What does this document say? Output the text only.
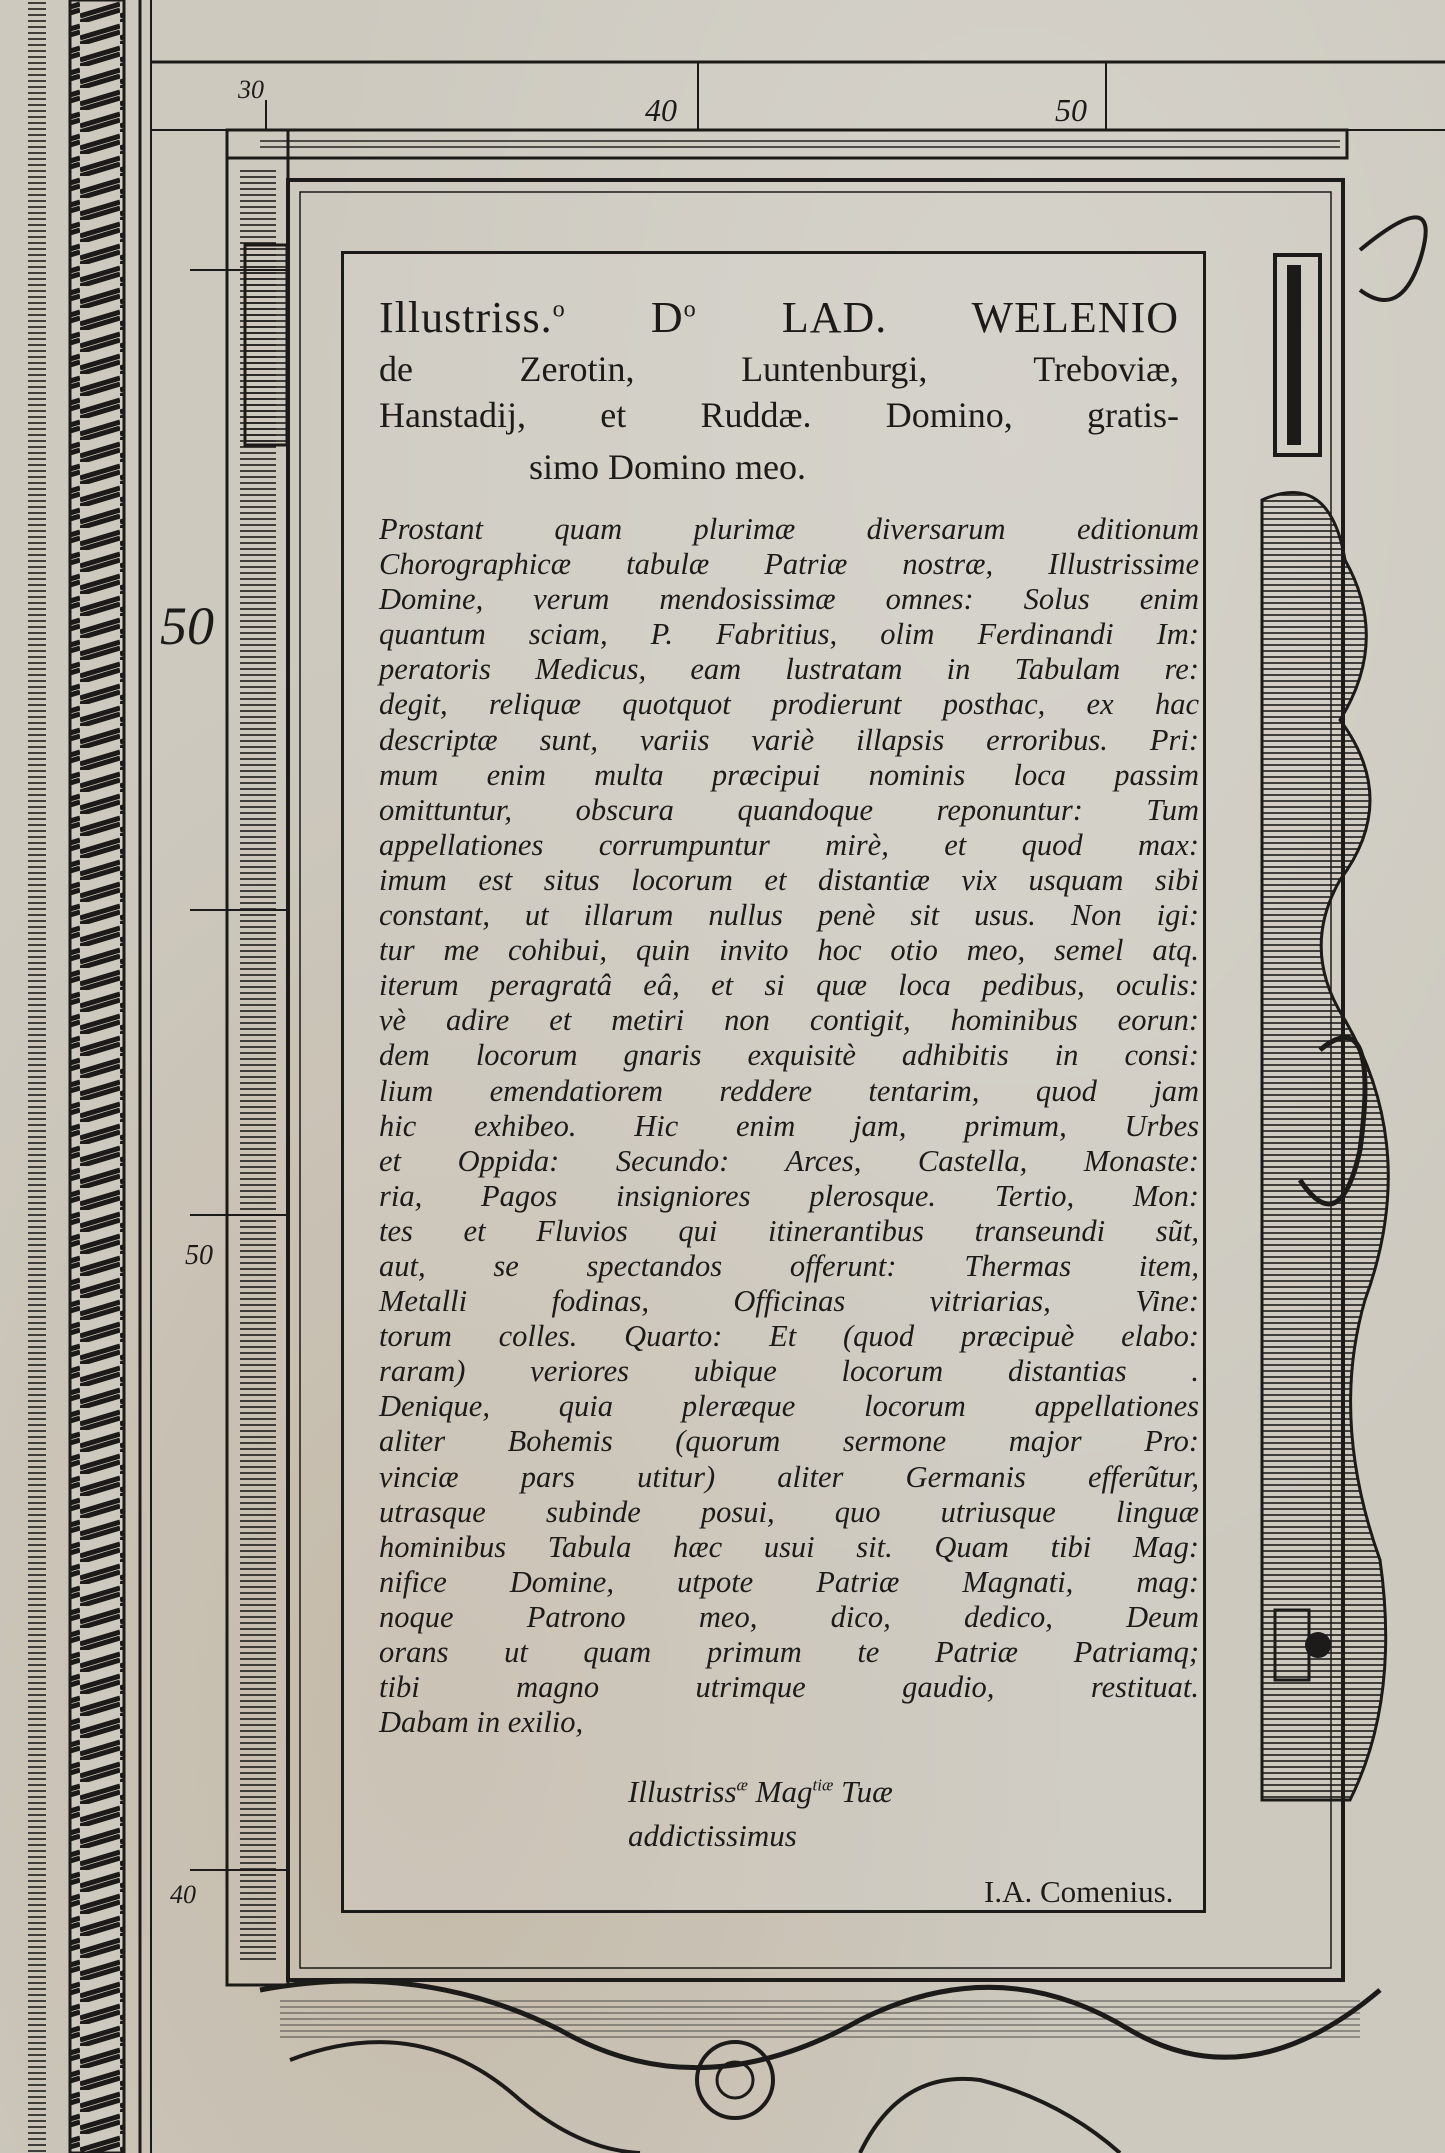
30
40	50
50
50
40
Illustriss.$^o$ $D^o$ LAD. WELENIO
de Zerotin, Luntenburgi, Treboviæ,
Hanstadij, et Ruddæ. Domino, gratis-
simo Domino meo.
Prostant quam plurimæ diversarum editionum
Chorographicæ tabulæ Patriæ nostræ, Illustrissime
Domine, verum mendosissimæ omnes: Solus enim
quantum sciam, P. Fabritius, olim Ferdinandi Im:
peratoris Medicus, eam lustratam in Tabulam re:
degit, reliquæ quotquot prodierunt posthac, ex hac
descriptæ sunt, variis variè illapsis erroribus. Pri:
mum enim multa præcipui nominis loca passim
omittuntur, obscura quandoque reponuntur: Tum
appellationes corrumpuntur mirè, et quod max:
imum est situs locorum et distantiæ vix usquam sibi
constant, ut illarum nullus penè sit usus. Non igi:
tur me cohibui, quin invito hoc otio meo, semel atq.
iterum peragratâ eâ, et si quæ loca pedibus, oculis:
vè adire et metiri non contigit, hominibus eorun:
dem locorum gnaris exquisitè adhibitis in consi:
lium emendatiorem reddere tentarim, quod jam
hic exhibeo. Hic enim jam, primum, Urbes
et Oppida: Secundo: Arces, Castella, Monaste:
ria, Pagos insigniores plerosque. Tertio, Mon:
tes et Fluvios qui itinerantibus transeundi sũt,
aut, se spectandos offerunt: Thermas item,
Metalli fodinas, Officinas vitriarias, Vine:
torum colles. Quarto: Et (quod præcipuè elabo:
raram) veriores ubique locorum distantias .
Denique, quia pleræque locorum appellationes
aliter Bohemis (quorum sermone major Pro:
vinciæ pars utitur) aliter Germanis efferũtur,
utrasque subinde posui, quo utriusque linguæ
hominibus Tabula hæc usui sit. Quam tibi Mag:
nifice Domine, utpote Patriæ Magnati, mag:
noque Patrono meo, dico, dedico, Deum
orans ut quam primum te Patriæ Patriamq;
tibi magno utrimque gaudio, restituat.
Dabam in exilio,
Illustriss$^æ$ Mag$^{tiæ}$ Tuæ
addictissimus
I.A. Comenius.
